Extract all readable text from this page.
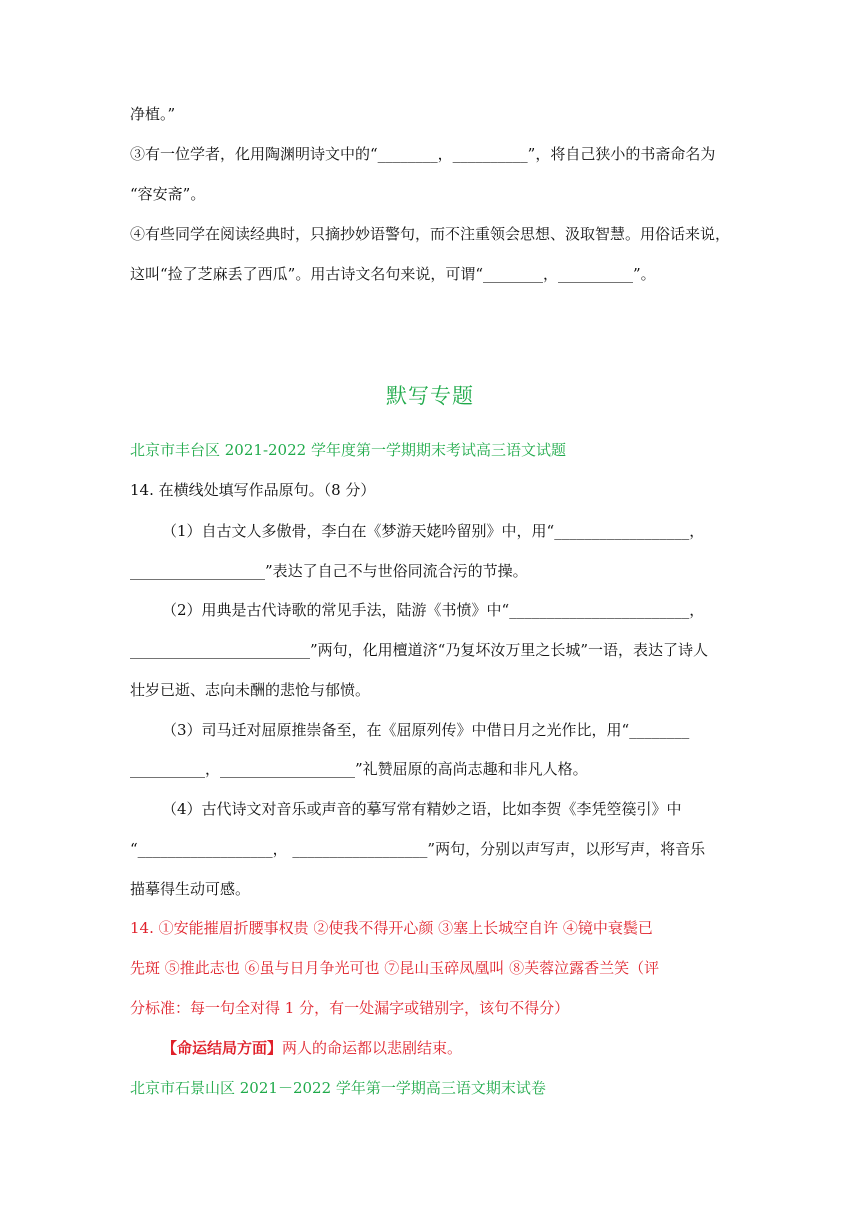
净植。”
③有一位学者，化用陶渊明诗文中的“________，__________”，将自己狭小的书斋命名为
“容安斋”。
④有些同学在阅读经典时，只摘抄妙语警句，而不注重领会思想、汲取智慧。用俗话来说，
这叫“捡了芝麻丢了西瓜”。用古诗文名句来说，可谓“________，__________”。
默写专题
北京市丰台区 2021-2022 学年度第一学期期末考试高三语文试题
14. 在横线处填写作品原句。（8 分）
（1）自古文人多傲骨，李白在《梦游天姥吟留别》中，用“__________________，
__________________”表达了自己不与世俗同流合污的节操。
（2）用典是古代诗歌的常见手法，陆游《书愤》中“________________________，
________________________”两句，化用檀道济“乃复坏汝万里之长城”一语，表达了诗人
壮岁已逝、志向未酬的悲怆与郁愤。
（3）司马迁对屈原推崇备至，在《屈原列传》中借日月之光作比，用“________
__________，__________________”礼赞屈原的高尚志趣和非凡人格。
（4）古代诗文对音乐或声音的摹写常有精妙之语，比如李贺《李凭箜篌引》中
“__________________， __________________”两句，分别以声写声，以形写声，将音乐
描摹得生动可感。
14. ①安能摧眉折腰事权贵 ②使我不得开心颜 ③塞上长城空自许 ④镜中衰鬓已
先斑 ⑤推此志也 ⑥虽与日月争光可也 ⑦昆山玉碎凤凰叫 ⑧芙蓉泣露香兰笑（评
分标准：每一句全对得 1 分，有一处漏字或错别字，该句不得分）
【命运结局方面】两人的命运都以悲剧结束。
北京市石景山区 2021－2022 学年第一学期高三语文期末试卷
